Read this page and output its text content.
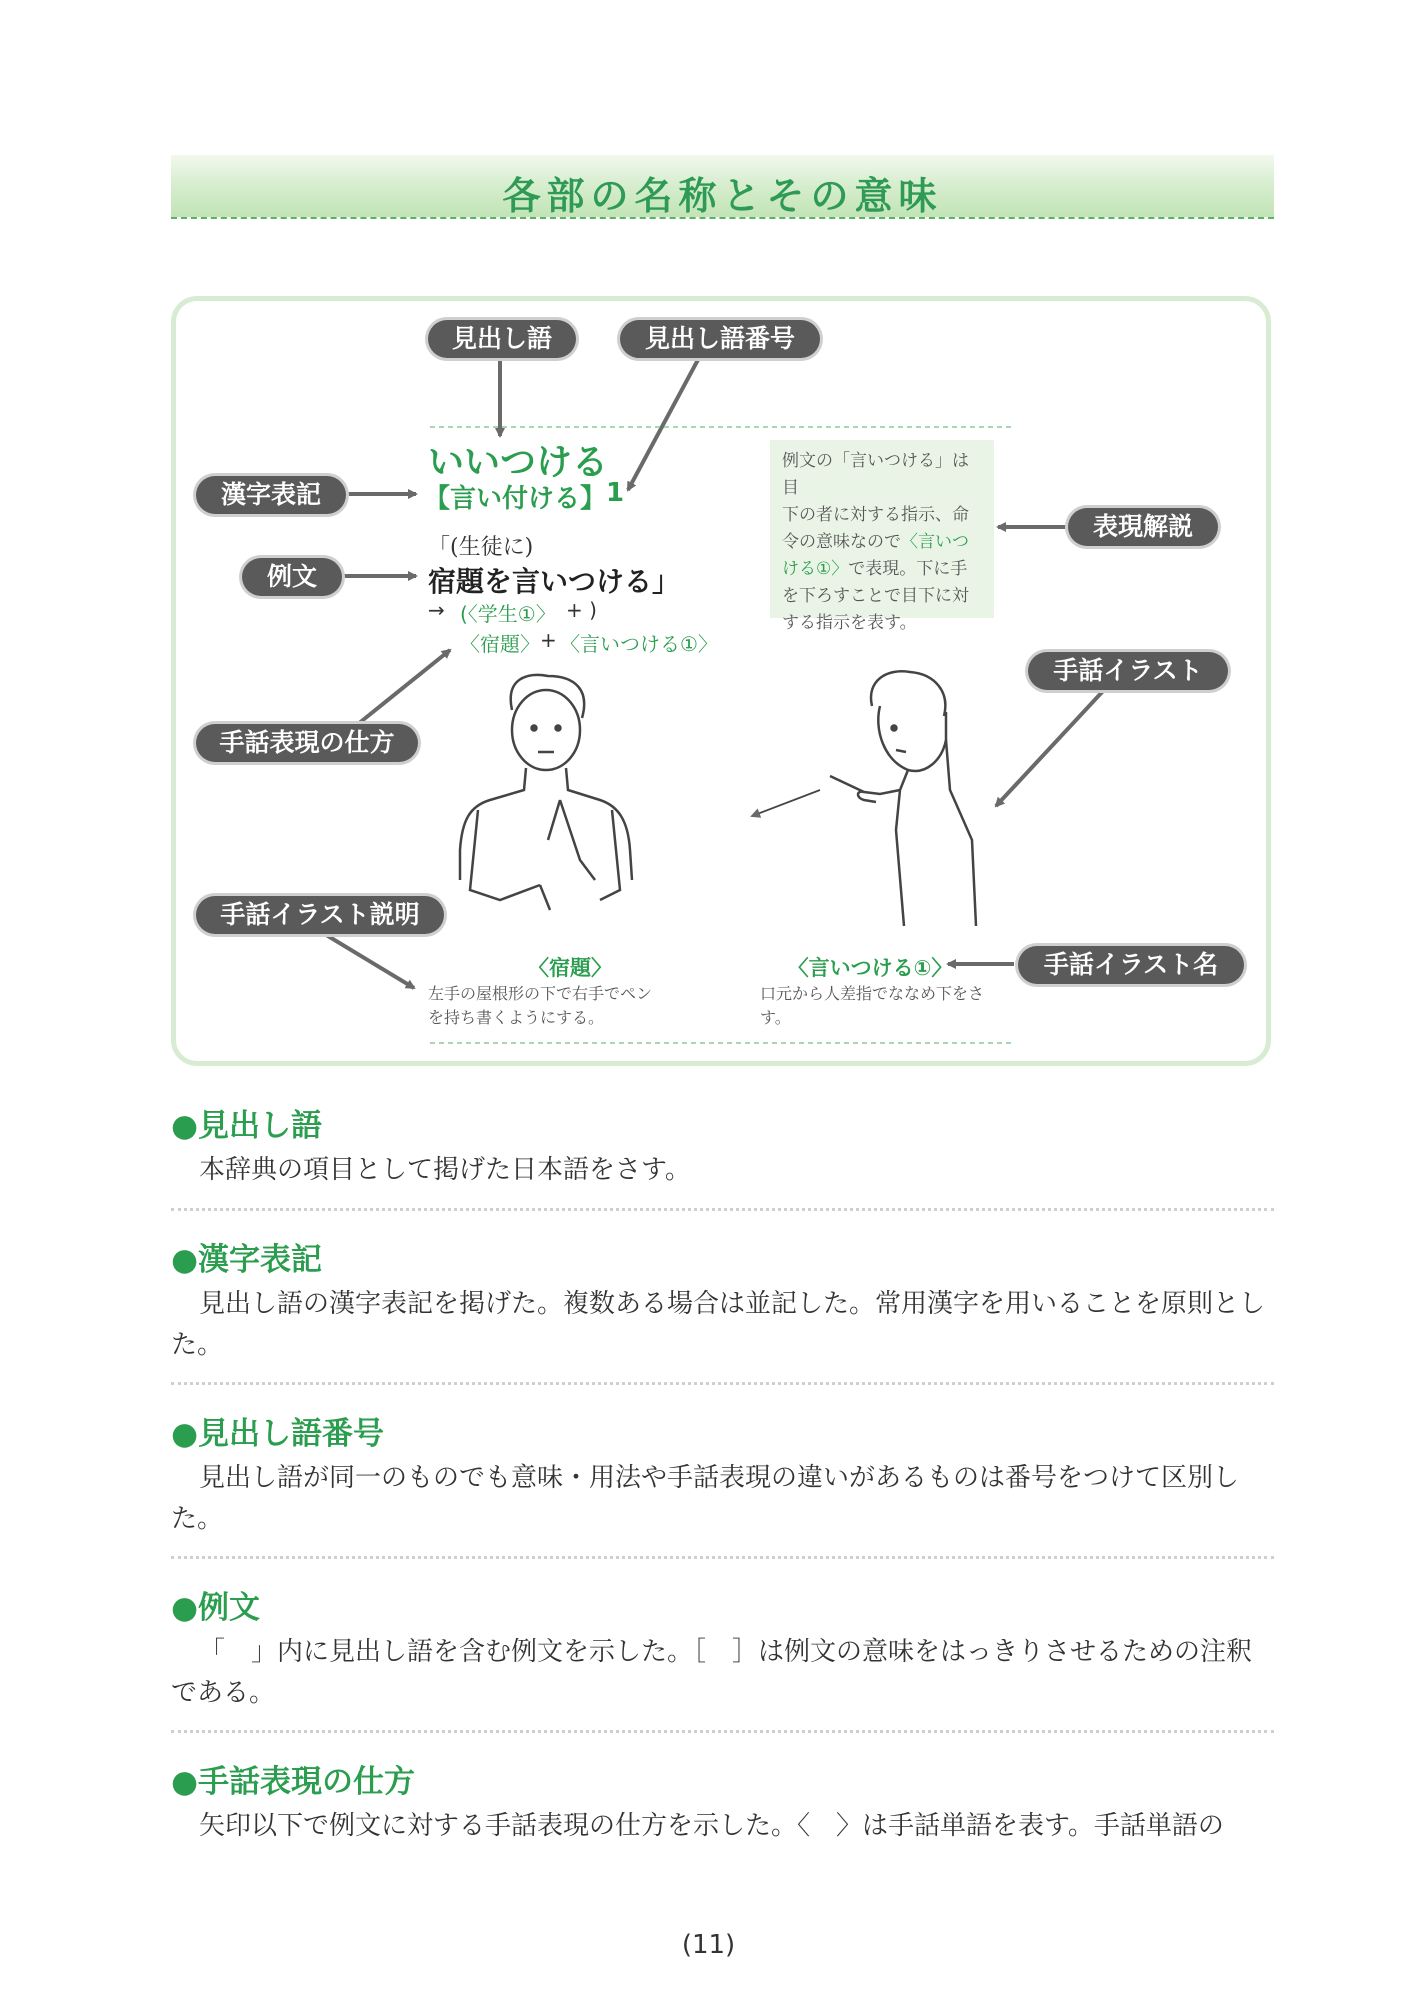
各部の名称とその意味
見出し語	見出し語番号
漢字表記
例文
表現解説
手話イラスト
手話表現の仕方
手話イラスト説明
手話イラスト名
いいつける
【言い付ける】 1
「(生徒に)
宿題を言いつける」
→ (〈学生①〉 + )
〈宿題〉 + 〈言いつける①〉
例文の「言いつける」は目
下の者に対する指示、命
令の意味なので〈言いつ
ける①〉で表現。下に手
を下ろすことで目下に対
する指示を表す。
〈宿題〉
左手の屋根形の下で右手でペン
を持ち書くようにする。
〈言いつける①〉
口元から人差指でななめ下をさ
す。
●見出し語
本辞典の項目として掲げた日本語をさす。
●漢字表記
見出し語の漢字表記を掲げた。複数ある場合は並記した。常用漢字を用いることを原則とした。
●見出し語番号
見出し語が同一のものでも意味・用法や手話表現の違いがあるものは番号をつけて区別した。
●例文
「　」内に見出し語を含む例文を示した。［　］は例文の意味をはっきりさせるための注釈である。
●手話表現の仕方
矢印以下で例文に対する手話表現の仕方を示した。〈　〉は手話単語を表す。手話単語の
(11)
